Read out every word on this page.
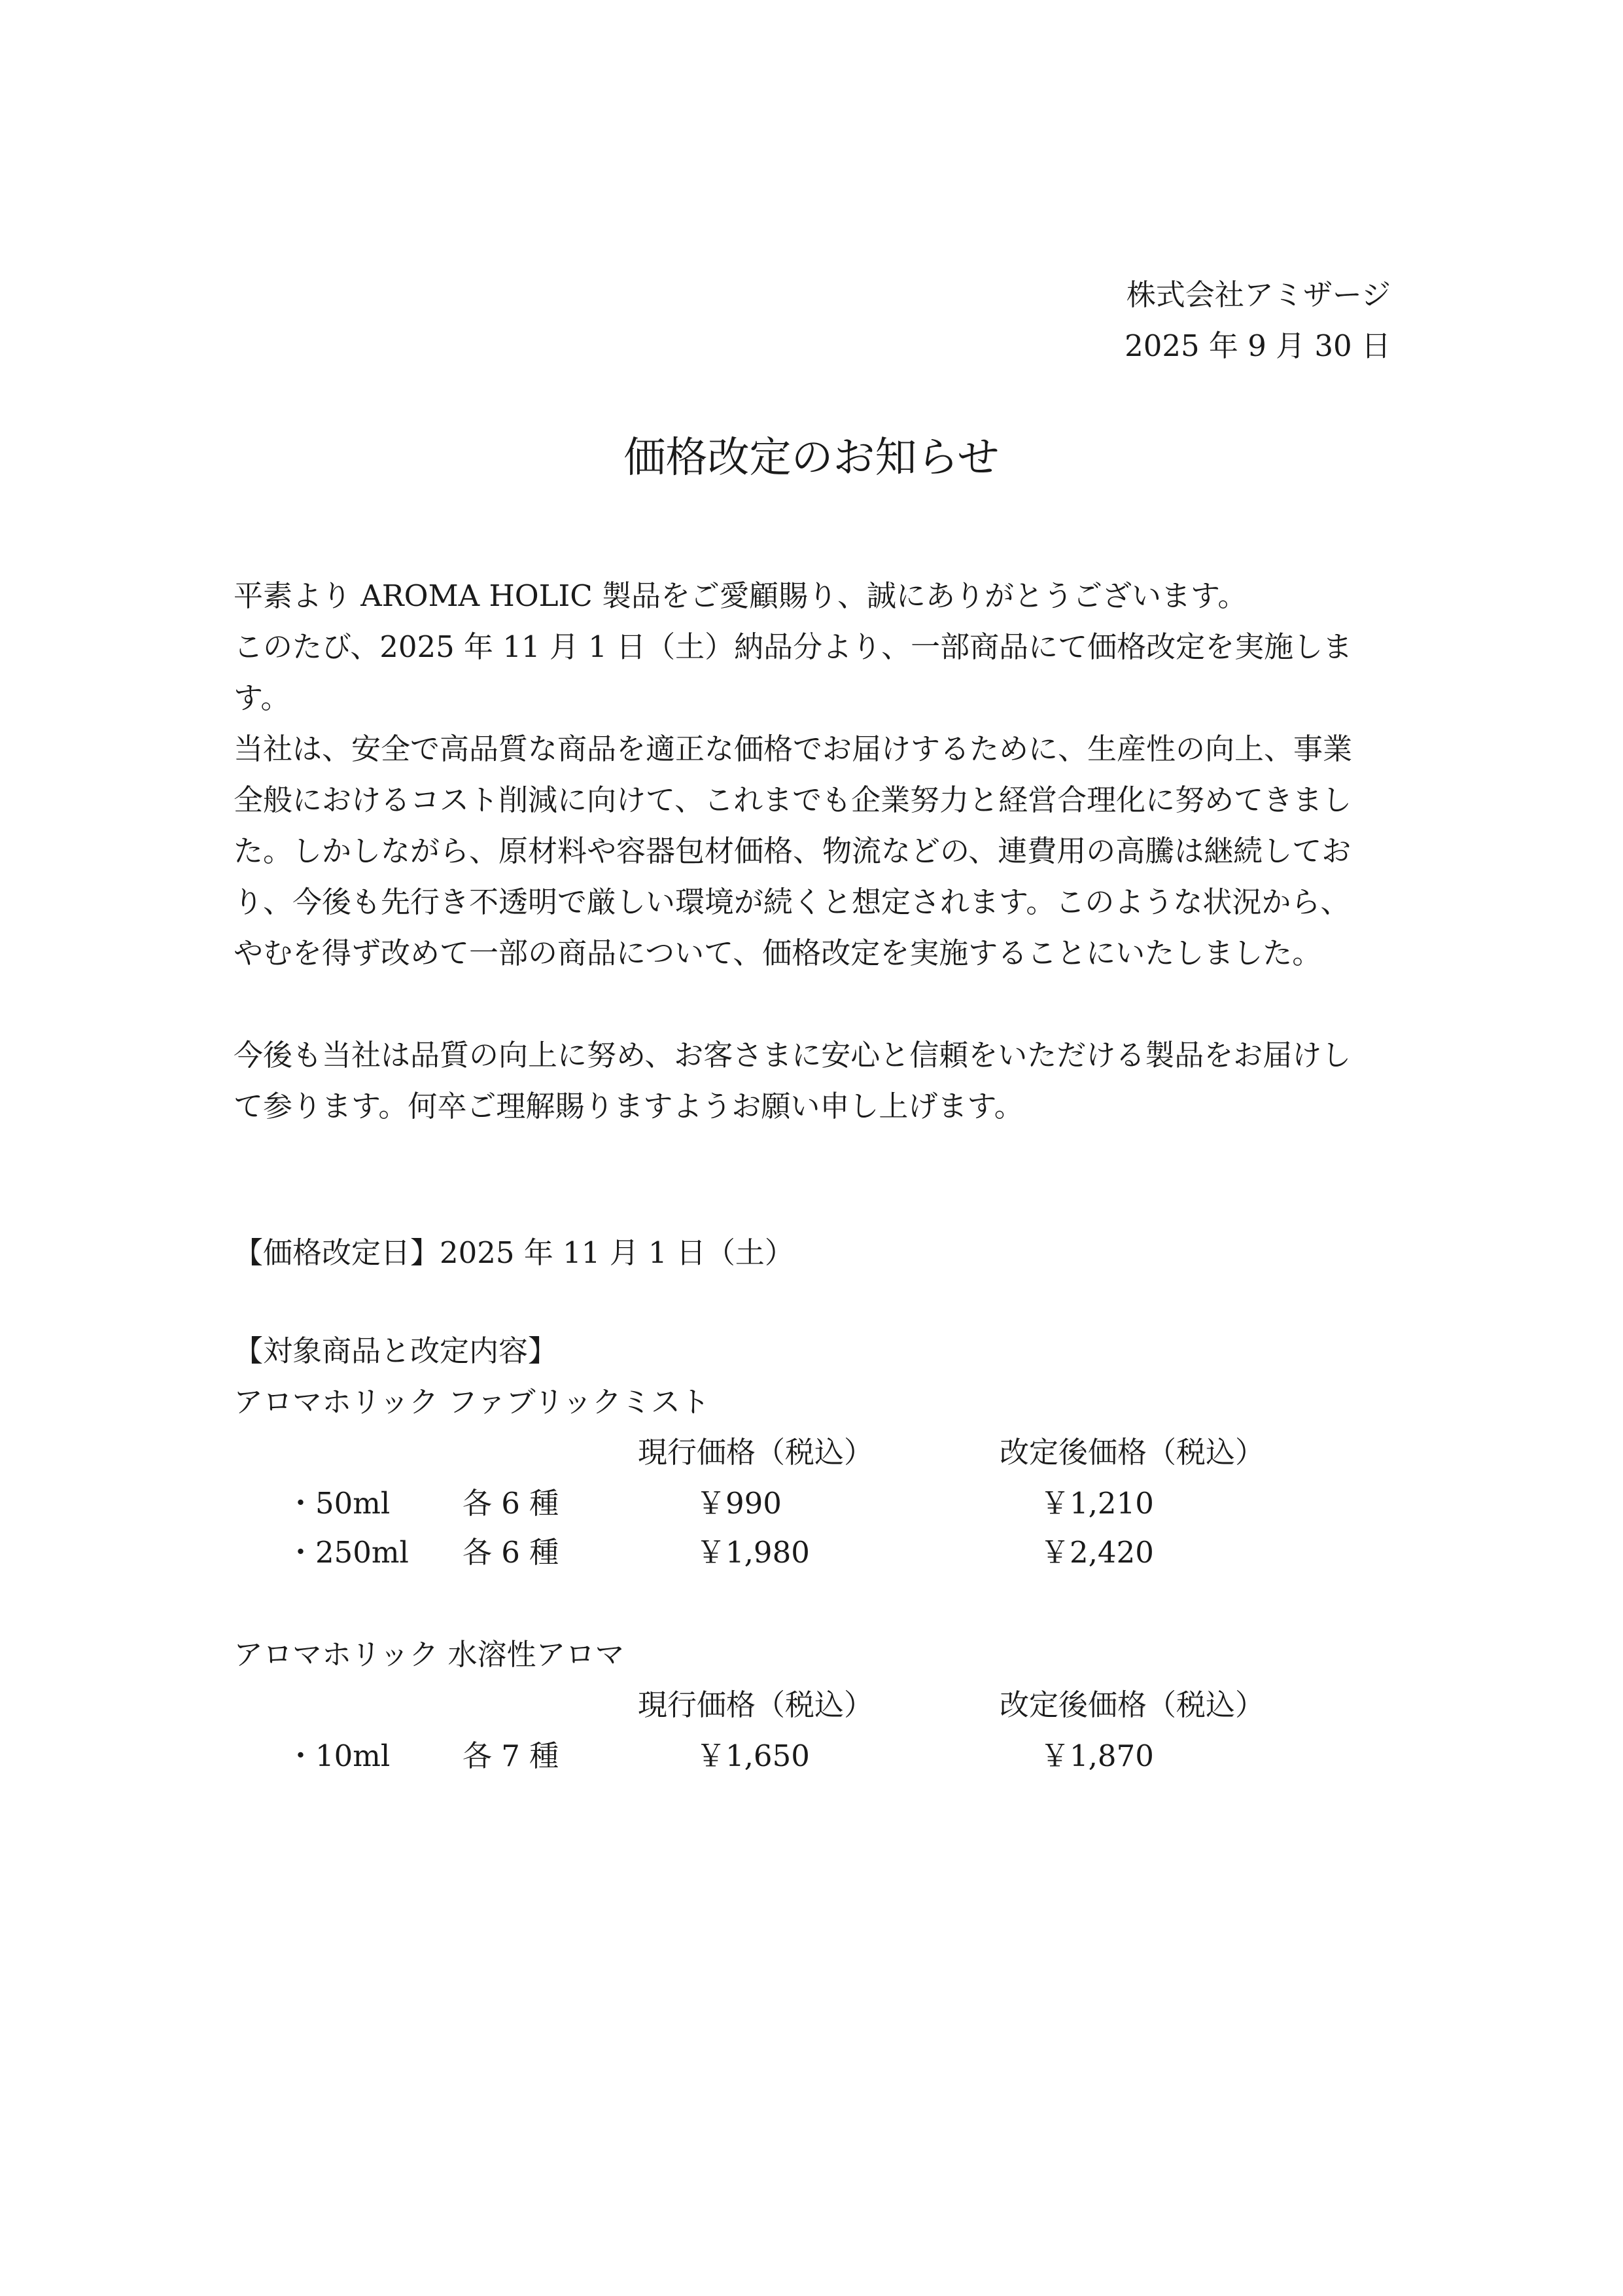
株式会社アミザージ
2025 年 9 月 30 日
価格改定のお知らせ

平素より AROMA HOLIC 製品をご愛顧賜り、誠にありがとうございます。
このたび、2025 年 11 月 1 日（土）納品分より、一部商品にて価格改定を実施しま
す。
当社は、安全で高品質な商品を適正な価格でお届けするために、生産性の向上、事業
全般におけるコスト削減に向けて、これまでも企業努力と経営合理化に努めてきまし
た。しかしながら、原材料や容器包材価格、物流などの、連費用の高騰は継続してお
り、今後も先行き不透明で厳しい環境が続くと想定されます。このような状況から、
やむを得ず改めて一部の商品について、価格改定を実施することにいたしました。

今後も当社は品質の向上に努め、お客さまに安心と信頼をいただける製品をお届けし
て参ります。何卒ご理解賜りますようお願い申し上げます。

【価格改定日】2025 年 11 月 1 日（土）
【対象商品と改定内容】
アロマホリック ファブリックミスト
現行価格（税込）	改定後価格（税込）
・50ml 各 6 種	￥990	￥1,210
・250ml 各 6 種	￥1,980	￥2,420
アロマホリック 水溶性アロマ
現行価格（税込）	改定後価格（税込）
・10ml 各 7 種	￥1,650	￥1,870
